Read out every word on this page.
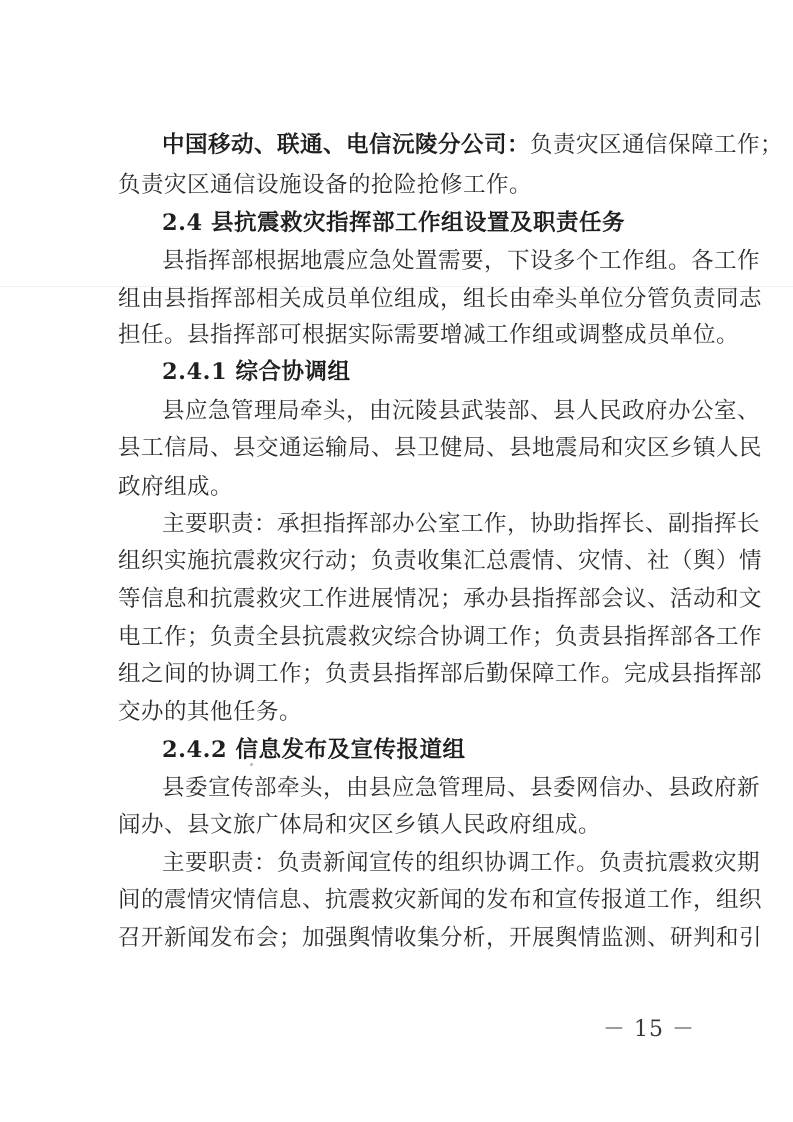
中国移动、联通、电信沅陵分公司：负责灾区通信保障工作；
负责灾区通信设施设备的抢险抢修工作。
2.4 县抗震救灾指挥部工作组设置及职责任务
县指挥部根据地震应急处置需要，下设多个工作组。各工作
组由县指挥部相关成员单位组成，组长由牵头单位分管负责同志
担任。县指挥部可根据实际需要增减工作组或调整成员单位。
2.4.1 综合协调组
县应急管理局牵头，由沅陵县武装部、县人民政府办公室、
县工信局、县交通运输局、县卫健局、县地震局和灾区乡镇人民
政府组成。
主要职责：承担指挥部办公室工作，协助指挥长、副指挥长
组织实施抗震救灾行动；负责收集汇总震情、灾情、社（舆）情
等信息和抗震救灾工作进展情况；承办县指挥部会议、活动和文
电工作；负责全县抗震救灾综合协调工作；负责县指挥部各工作
组之间的协调工作；负责县指挥部后勤保障工作。完成县指挥部
交办的其他任务。
2.4.2 信息发布及宣传报道组
县委宣传部牵头，由县应急管理局、县委网信办、县政府新
闻办、县文旅广体局和灾区乡镇人民政府组成。
主要职责：负责新闻宣传的组织协调工作。负责抗震救灾期
间的震情灾情信息、抗震救灾新闻的发布和宣传报道工作，组织
召开新闻发布会；加强舆情收集分析，开展舆情监测、研判和引
－ 15 －
